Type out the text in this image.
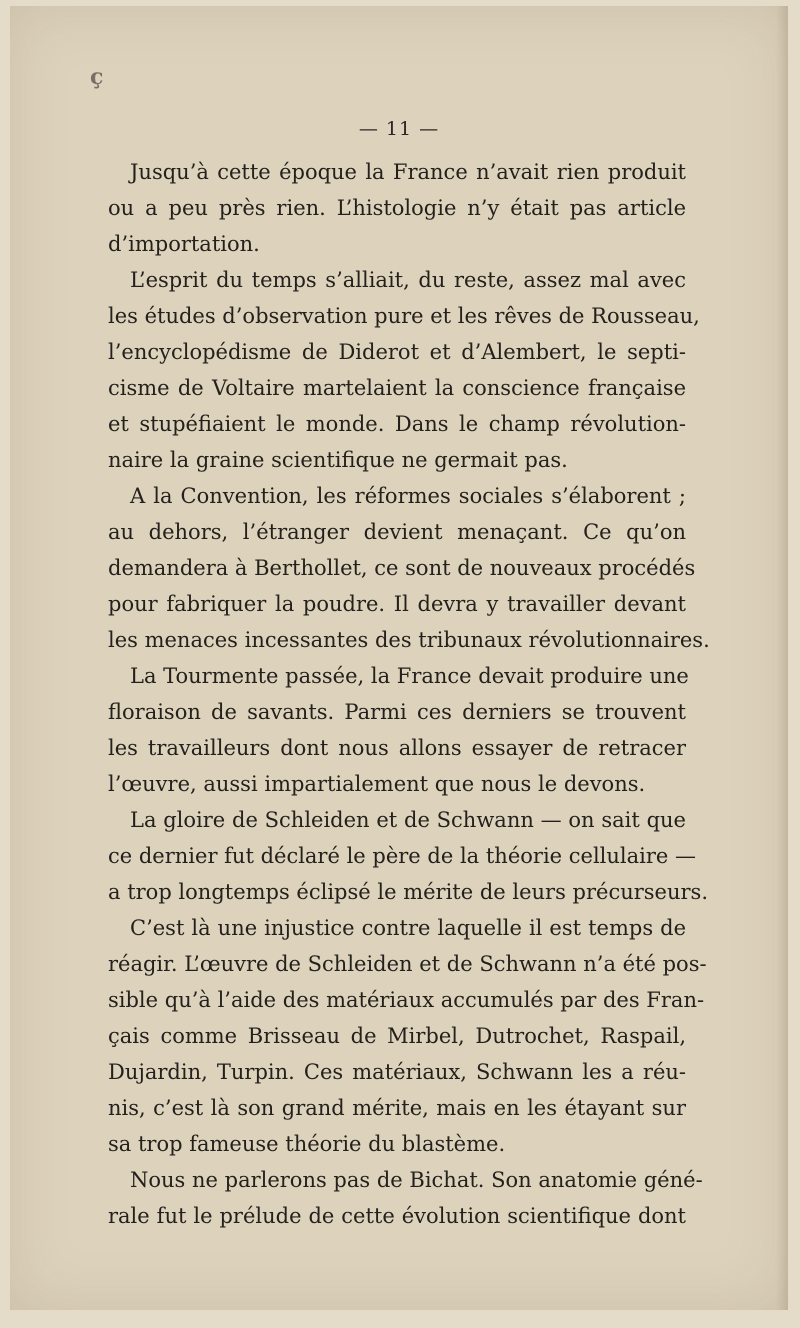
ç
— 11 —

Jusqu’à cette époque la France n’avait rien produit
ou a peu près rien. L’histologie n’y était pas article
d’importation.

L’esprit du temps s’alliait, du reste, assez mal avec
les études d’observation pure et les rêves de Rousseau,
l’encyclopédisme de Diderot et d’Alembert, le septi-
cisme de Voltaire martelaient la conscience française
et stupéfiaient le monde. Dans le champ révolution-
naire la graine scientifique ne germait pas.

A la Convention, les réformes sociales s’élaborent ;
au dehors, l’étranger devient menaçant. Ce qu’on
demandera à Berthollet, ce sont de nouveaux procédés
pour fabriquer la poudre. Il devra y travailler devant
les menaces incessantes des tribunaux révolutionnaires.

La Tourmente passée, la France devait produire une
floraison de savants. Parmi ces derniers se trouvent
les travailleurs dont nous allons essayer de retracer
l’œuvre, aussi impartialement que nous le devons.

La gloire de Schleiden et de Schwann — on sait que
ce dernier fut déclaré le père de la théorie cellulaire —
a trop longtemps éclipsé le mérite de leurs précurseurs.

C’est là une injustice contre laquelle il est temps de
réagir. L’œuvre de Schleiden et de Schwann n’a été pos-
sible qu’à l’aide des matériaux accumulés par des Fran-
çais comme Brisseau de Mirbel, Dutrochet, Raspail,
Dujardin, Turpin. Ces matériaux, Schwann les a réu-
nis, c’est là son grand mérite, mais en les étayant sur
sa trop fameuse théorie du blastème.

Nous ne parlerons pas de Bichat. Son anatomie géné-
rale fut le prélude de cette évolution scientifique dont
